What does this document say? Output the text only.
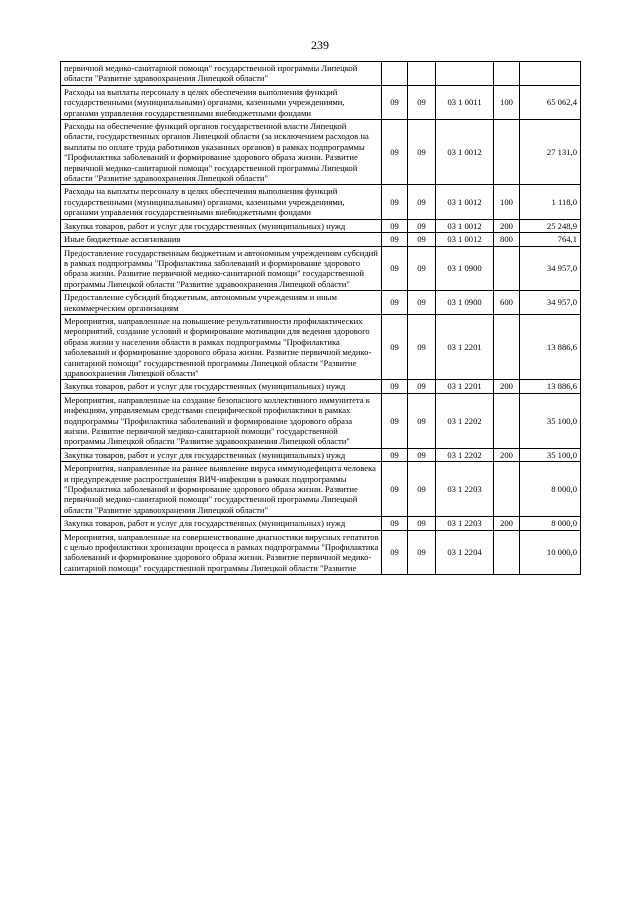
239
первичной медико-санитарной помощи" государственной программы Липецкой области "Развитие здравоохранения Липецкой области"					
Расходы на выплаты персоналу в целях обеспечения выполнения функций государственными (муниципальными) органами, казенными учреждениями, органами управления государственными внебюджетными фондами	09	09	03 1 0011	100	65 062,4
Расходы на обеспечение функций органов государственной власти Липецкой области, государственных органов Липецкой области (за исключением расходов на выплаты по оплате труда работников указанных органов) в рамках подпрограммы "Профилактика заболеваний и формирование здорового образа жизни. Развитие первичной медико-санитарной помощи" государственной программы Липецкой области "Развитие здравоохранения Липецкой области"	09	09	03 1 0012		27 131,0
Расходы на выплаты персоналу в целях обеспечения выполнения функций государственными (муниципальными) органами, казенными учреждениями, органами управления государственными внебюджетными фондами	09	09	03 1 0012	100	1 118,0
Закупка товаров, работ и услуг для государственных (муниципальных) нужд	09	09	03 1 0012	200	25 248,9
Иные бюджетные ассигнования	09	09	03 1 0012	800	764,1
Предоставление государственным бюджетным и автономным учреждениям субсидий в рамках подпрограммы "Профилактика заболеваний и формирование здорового образа жизни. Развитие первичной медико-санитарной помощи" государственной программы Липецкой области "Развитие здравоохранения Липецкой области"	09	09	03 1 0900		34 957,0
Предоставление субсидий бюджетным, автономным учреждениям и иным некоммерческим организациям	09	09	03 1 0900	600	34 957,0
Мероприятия, направленные на повышение результативности профилактических мероприятий, создание условий и формирование мотивации для ведения здорового образа жизни у населения области в рамках подпрограммы "Профилактика заболеваний и формирование здорового образа жизни. Развитие первичной медико-санитарной помощи" государственной программы Липецкой области "Развитие здравоохранения Липецкой области"	09	09	03 1 2201		13 886,6
Закупка товаров, работ и услуг для государственных (муниципальных) нужд	09	09	03 1 2201	200	13 886,6
Мероприятия, направленные на создание безопасного коллективного иммунитета к инфекциям, управляемым средствами специфической профилактики в рамках подпрограммы "Профилактика заболеваний и формирование здорового образа жизни. Развитие первичной медико-санитарной помощи" государственной программы Липецкой области "Развитие здравоохранения Липецкой области"	09	09	03 1 2202		35 100,0
Закупка товаров, работ и услуг для государственных (муниципальных) нужд	09	09	03 1 2202	200	35 100,0
Мероприятия, направленные на раннее выявление вируса иммунодефицита человека и предупреждение распространения ВИЧ-инфекции в рамках подпрограммы "Профилактика заболеваний и формирование здорового образа жизни. Развитие первичной медико-санитарной помощи" государственной программы Липецкой области "Развитие здравоохранения Липецкой области"	09	09	03 1 2203		8 000,0
Закупка товаров, работ и услуг для государственных (муниципальных) нужд	09	09	03 1 2203	200	8 000,0
Мероприятия, направленные на совершенствование диагностики вирусных гепатитов с целью профилактики хронизации процесса в рамках подпрограммы "Профилактика заболеваний и формирование здорового образа жизни. Развитие первичной медико-санитарной помощи" государственной программы Липецкой области "Развитие	09	09	03 1 2204		10 000,0
